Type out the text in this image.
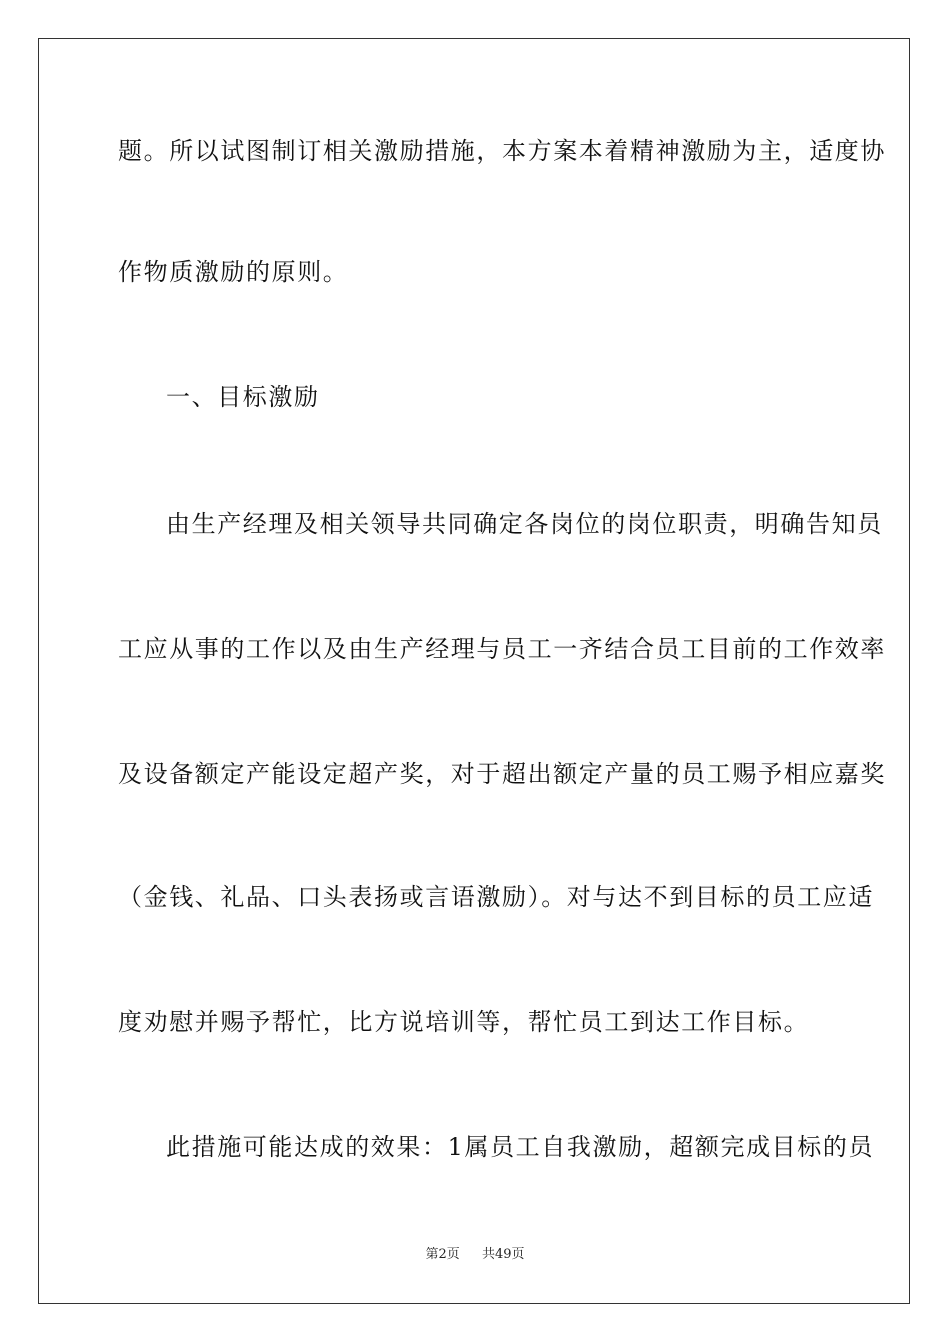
题。所以试图制订相关激励措施，本方案本着精神激励为主，适度协
作物质激励的原则。
一、目标激励
由生产经理及相关领导共同确定各岗位的岗位职责，明确告知员
工应从事的工作以及由生产经理与员工一齐结合员工目前的工作效率
及设备额定产能设定超产奖，对于超出额定产量的员工赐予相应嘉奖
（金钱、礼品、口头表扬或言语激励）。对与达不到目标的员工应适
度劝慰并赐予帮忙，比方说培训等，帮忙员工到达工作目标。
此措施可能达成的效果：1属员工自我激励，超额完成目标的员
第2页 共49页
